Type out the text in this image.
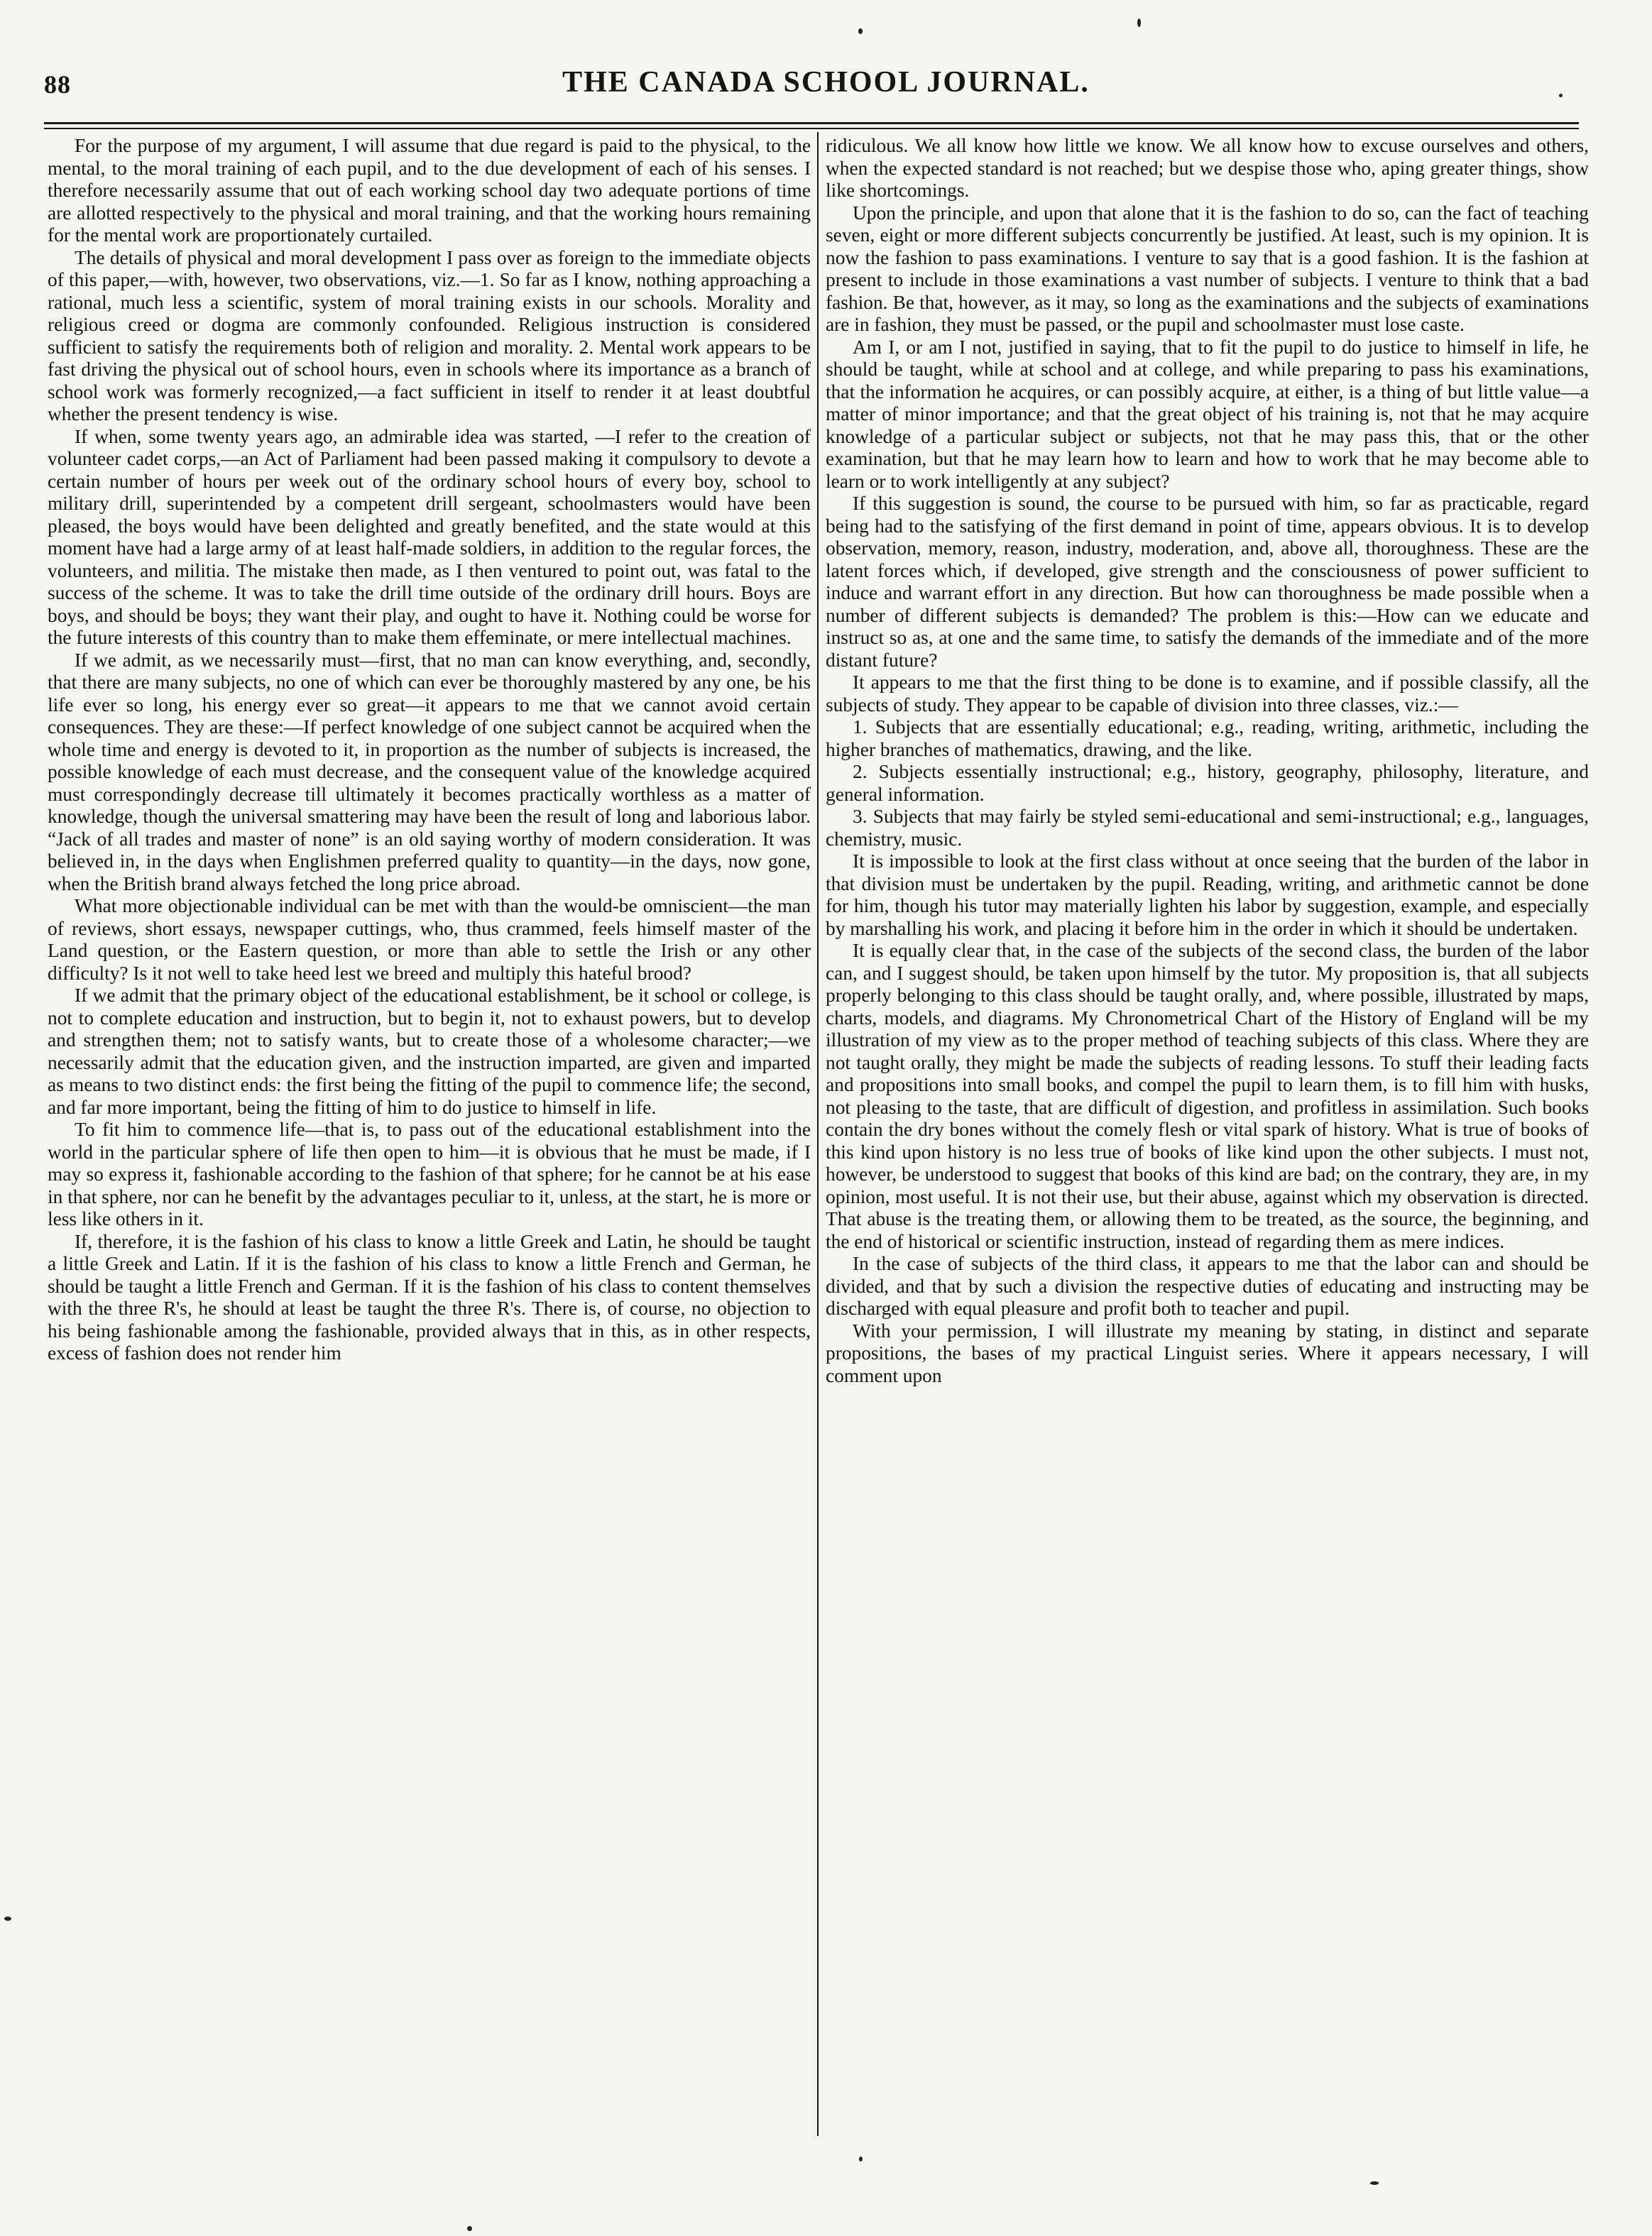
88	THE CANADA SCHOOL JOURNAL.

For the purpose of my argument, I will assume that due regard is paid to the physical, to the mental, to the moral training of each pupil, and to the due development of each of his senses. I therefore necessarily assume that out of each working school day two adequate portions of time are allotted respectively to the physical and moral training, and that the working hours remaining for the mental work are proportionately curtailed.

The details of physical and moral development I pass over as foreign to the immediate objects of this paper,—with, however, two observations, viz.—1. So far as I know, nothing approaching a rational, much less a scientific, system of moral training exists in our schools. Morality and religious creed or dogma are commonly confounded. Religious instruction is considered sufficient to satisfy the requirements both of religion and morality. 2. Mental work appears to be fast driving the physical out of school hours, even in schools where its importance as a branch of school work was formerly recognized,—a fact sufficient in itself to render it at least doubtful whether the present tendency is wise.

If when, some twenty years ago, an admirable idea was started, —I refer to the creation of volunteer cadet corps,—an Act of Parliament had been passed making it compulsory to devote a certain number of hours per week out of the ordinary school hours of every boy, school to military drill, superintended by a competent drill sergeant, schoolmasters would have been pleased, the boys would have been delighted and greatly benefited, and the state would at this moment have had a large army of at least half-made soldiers, in addition to the regular forces, the volunteers, and militia. The mistake then made, as I then ventured to point out, was fatal to the success of the scheme. It was to take the drill time outside of the ordinary drill hours. Boys are boys, and should be boys; they want their play, and ought to have it. Nothing could be worse for the future interests of this country than to make them effeminate, or mere intellectual machines.

If we admit, as we necessarily must—first, that no man can know everything, and, secondly, that there are many subjects, no one of which can ever be thoroughly mastered by any one, be his life ever so long, his energy ever so great—it appears to me that we cannot avoid certain consequences. They are these:—If perfect knowledge of one subject cannot be acquired when the whole time and energy is devoted to it, in proportion as the number of subjects is increased, the possible knowledge of each must decrease, and the consequent value of the knowledge acquired must correspondingly decrease till ultimately it becomes practically worthless as a matter of knowledge, though the universal smattering may have been the result of long and laborious labor. “Jack of all trades and master of none” is an old saying worthy of modern consideration. It was believed in, in the days when Englishmen preferred quality to quantity—in the days, now gone, when the British brand always fetched the long price abroad.

What more objectionable individual can be met with than the would-be omniscient—the man of reviews, short essays, newspaper cuttings, who, thus crammed, feels himself master of the Land question, or the Eastern question, or more than able to settle the Irish or any other difficulty? Is it not well to take heed lest we breed and multiply this hateful brood?

If we admit that the primary object of the educational establishment, be it school or college, is not to complete education and instruction, but to begin it, not to exhaust powers, but to develop and strengthen them; not to satisfy wants, but to create those of a wholesome character;—we necessarily admit that the education given, and the instruction imparted, are given and imparted as means to two distinct ends: the first being the fitting of the pupil to commence life; the second, and far more important, being the fitting of him to do justice to himself in life.

To fit him to commence life—that is, to pass out of the educational establishment into the world in the particular sphere of life then open to him—it is obvious that he must be made, if I may so express it, fashionable according to the fashion of that sphere; for he cannot be at his ease in that sphere, nor can he benefit by the advantages peculiar to it, unless, at the start, he is more or less like others in it.

If, therefore, it is the fashion of his class to know a little Greek and Latin, he should be taught a little Greek and Latin. If it is the fashion of his class to know a little French and German, he should be taught a little French and German. If it is the fashion of his class to content themselves with the three R's, he should at least be taught the three R's. There is, of course, no objection to his being fashionable among the fashionable, provided always that in this, as in other respects, excess of fashion does not render him

ridiculous. We all know how little we know. We all know how to excuse ourselves and others, when the expected standard is not reached; but we despise those who, aping greater things, show like shortcomings.

Upon the principle, and upon that alone that it is the fashion to do so, can the fact of teaching seven, eight or more different subjects concurrently be justified. At least, such is my opinion. It is now the fashion to pass examinations. I venture to say that is a good fashion. It is the fashion at present to include in those examinations a vast number of subjects. I venture to think that a bad fashion. Be that, however, as it may, so long as the examinations and the subjects of examinations are in fashion, they must be passed, or the pupil and schoolmaster must lose caste.

Am I, or am I not, justified in saying, that to fit the pupil to do justice to himself in life, he should be taught, while at school and at college, and while preparing to pass his examinations, that the information he acquires, or can possibly acquire, at either, is a thing of but little value—a matter of minor importance; and that the great object of his training is, not that he may acquire knowledge of a particular subject or subjects, not that he may pass this, that or the other examination, but that he may learn how to learn and how to work that he may become able to learn or to work intelligently at any subject?

If this suggestion is sound, the course to be pursued with him, so far as practicable, regard being had to the satisfying of the first demand in point of time, appears obvious. It is to develop observation, memory, reason, industry, moderation, and, above all, thoroughness. These are the latent forces which, if developed, give strength and the consciousness of power sufficient to induce and warrant effort in any direction. But how can thoroughness be made possible when a number of different subjects is demanded? The problem is this:—How can we educate and instruct so as, at one and the same time, to satisfy the demands of the immediate and of the more distant future?

It appears to me that the first thing to be done is to examine, and if possible classify, all the subjects of study. They appear to be capable of division into three classes, viz.:—

1. Subjects that are essentially educational; e.g., reading, writing, arithmetic, including the higher branches of mathematics, drawing, and the like.

2. Subjects essentially instructional; e.g., history, geography, philosophy, literature, and general information.

3. Subjects that may fairly be styled semi-educational and semi-instructional; e.g., languages, chemistry, music.

It is impossible to look at the first class without at once seeing that the burden of the labor in that division must be undertaken by the pupil. Reading, writing, and arithmetic cannot be done for him, though his tutor may materially lighten his labor by suggestion, example, and especially by marshalling his work, and placing it before him in the order in which it should be undertaken.

It is equally clear that, in the case of the subjects of the second class, the burden of the labor can, and I suggest should, be taken upon himself by the tutor. My proposition is, that all subjects properly belonging to this class should be taught orally, and, where possible, illustrated by maps, charts, models, and diagrams. My Chronometrical Chart of the History of England will be my illustration of my view as to the proper method of teaching subjects of this class. Where they are not taught orally, they might be made the subjects of reading lessons. To stuff their leading facts and propositions into small books, and compel the pupil to learn them, is to fill him with husks, not pleasing to the taste, that are difficult of digestion, and profitless in assimilation. Such books contain the dry bones without the comely flesh or vital spark of history. What is true of books of this kind upon history is no less true of books of like kind upon the other subjects. I must not, however, be understood to suggest that books of this kind are bad; on the contrary, they are, in my opinion, most useful. It is not their use, but their abuse, against which my observation is directed. That abuse is the treating them, or allowing them to be treated, as the source, the beginning, and the end of historical or scientific instruction, instead of regarding them as mere indices.

In the case of subjects of the third class, it appears to me that the labor can and should be divided, and that by such a division the respective duties of educating and instructing may be discharged with equal pleasure and profit both to teacher and pupil.

With your permission, I will illustrate my meaning by stating, in distinct and separate propositions, the bases of my practical Linguist series. Where it appears necessary, I will comment upon
